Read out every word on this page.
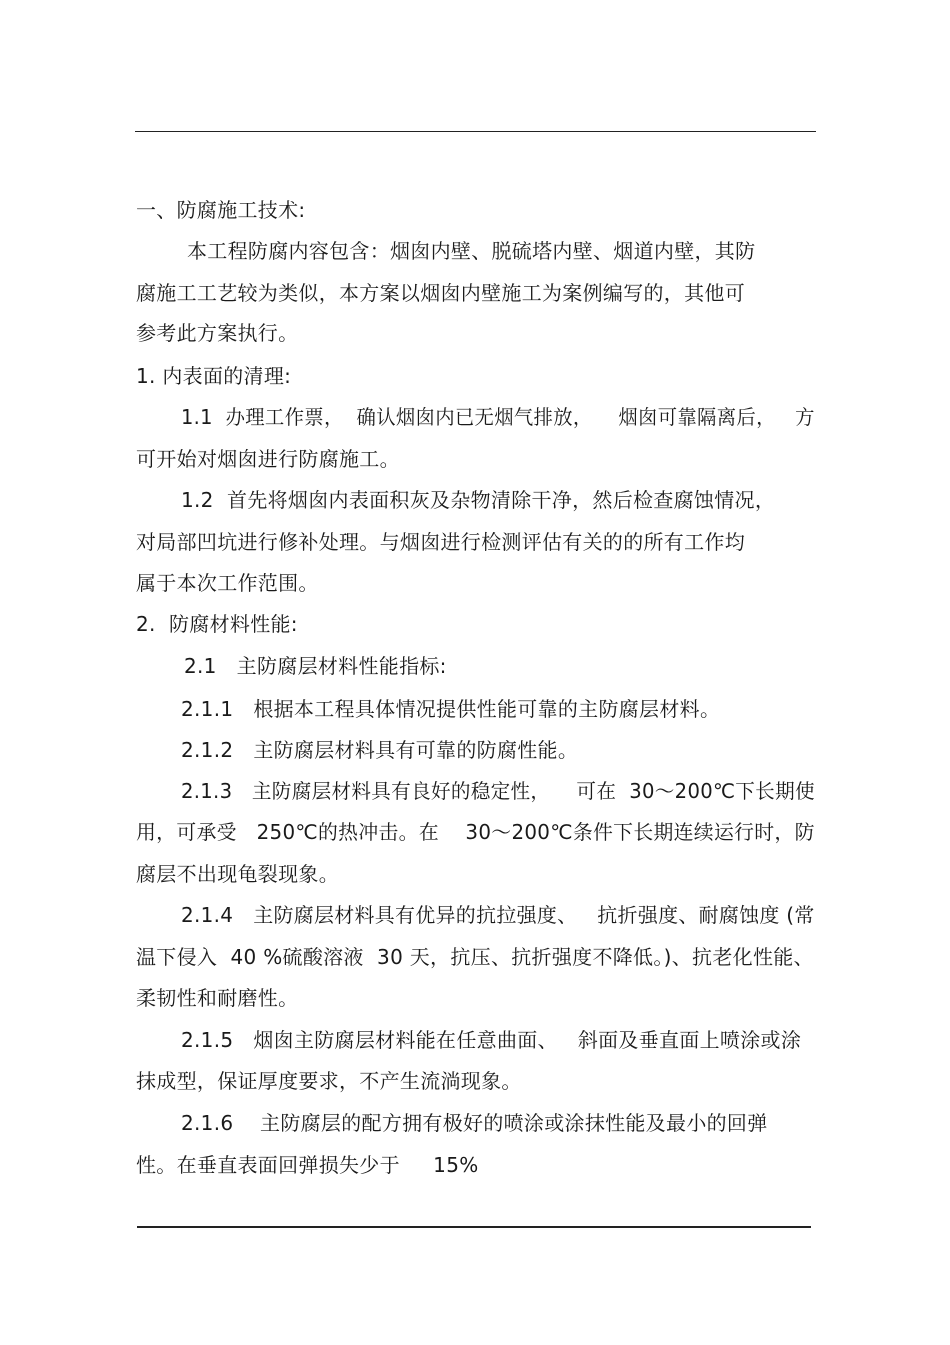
一、防腐施工技术:
本工程防腐内容包含：烟囱内壁、脱硫塔内壁、烟道内壁，其防
腐施工工艺较为类似，本方案以烟囱内壁施工为案例编写的，其他可
参考此方案执行。
1. 内表面的清理:
1.1  办理工作票，  确认烟囱内已无烟气排放，    烟囱可靠隔离后，   方
可开始对烟囱进行防腐施工。
1.2  首先将烟囱内表面积灰及杂物清除干净，然后检查腐蚀情况，
对局部凹坑进行修补处理。与烟囱进行检测评估有关的的所有工作均
属于本次工作范围。
2.  防腐材料性能:
2.1   主防腐层材料性能指标:
2.1.1   根据本工程具体情况提供性能可靠的主防腐层材料。
2.1.2   主防腐层材料具有可靠的防腐性能。
2.1.3   主防腐层材料具有良好的稳定性，    可在  30～200℃下长期使
用，可承受   250℃的热冲击。在    30～200℃条件下长期连续运行时，防
腐层不出现龟裂现象。
2.1.4   主防腐层材料具有优异的抗拉强度、   抗折强度、耐腐蚀度 (常
温下侵入  40 %硫酸溶液  30 天，抗压、抗折强度不降低。)、抗老化性能、
柔韧性和耐磨性。
2.1.5   烟囱主防腐层材料能在任意曲面、   斜面及垂直面上喷涂或涂
抹成型，保证厚度要求，不产生流淌现象。
2.1.6    主防腐层的配方拥有极好的喷涂或涂抹性能及最小的回弹
性。在垂直表面回弹损失少于     15%
